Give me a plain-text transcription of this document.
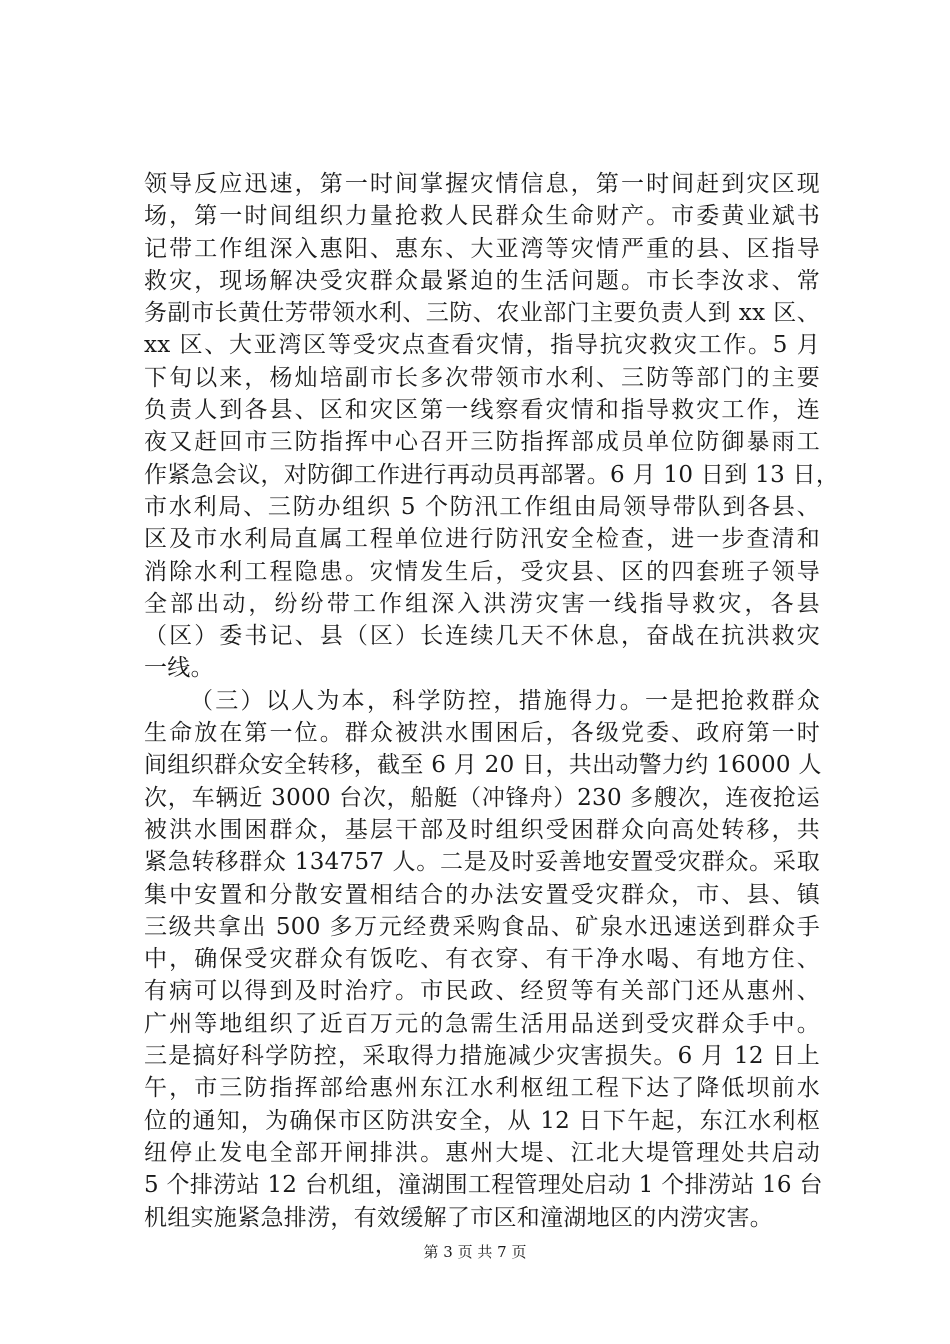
领导反应迅速，第一时间掌握灾情信息，第一时间赶到灾区现
场，第一时间组织力量抢救人民群众生命财产。市委黄业斌书
记带工作组深入惠阳、惠东、大亚湾等灾情严重的县、区指导
救灾，现场解决受灾群众最紧迫的生活问题。市长李汝求、常
务副市长黄仕芳带领水利、三防、农业部门主要负责人到 xx 区、
xx 区、大亚湾区等受灾点查看灾情，指导抗灾救灾工作。5 月
下旬以来，杨灿培副市长多次带领市水利、三防等部门的主要
负责人到各县、区和灾区第一线察看灾情和指导救灾工作，连
夜又赶回市三防指挥中心召开三防指挥部成员单位防御暴雨工
作紧急会议，对防御工作进行再动员再部署。6 月 10 日到 13 日，
市水利局、三防办组织 5 个防汛工作组由局领导带队到各县、
区及市水利局直属工程单位进行防汛安全检查，进一步查清和
消除水利工程隐患。灾情发生后，受灾县、区的四套班子领导
全部出动，纷纷带工作组深入洪涝灾害一线指导救灾，各县
（区）委书记、县（区）长连续几天不休息，奋战在抗洪救灾
一线。
（三）以人为本，科学防控，措施得力。一是把抢救群众
生命放在第一位。群众被洪水围困后，各级党委、政府第一时
间组织群众安全转移，截至 6 月 20 日，共出动警力约 16000 人
次，车辆近 3000 台次，船艇（冲锋舟）230 多艘次，连夜抢运
被洪水围困群众，基层干部及时组织受困群众向高处转移，共
紧急转移群众 134757 人。二是及时妥善地安置受灾群众。采取
集中安置和分散安置相结合的办法安置受灾群众，市、县、镇
三级共拿出 500 多万元经费采购食品、矿泉水迅速送到群众手
中，确保受灾群众有饭吃、有衣穿、有干净水喝、有地方住、
有病可以得到及时治疗。市民政、经贸等有关部门还从惠州、
广州等地组织了近百万元的急需生活用品送到受灾群众手中。
三是搞好科学防控，采取得力措施减少灾害损失。6 月 12 日上
午，市三防指挥部给惠州东江水利枢纽工程下达了降低坝前水
位的通知，为确保市区防洪安全，从 12 日下午起，东江水利枢
纽停止发电全部开闸排洪。惠州大堤、江北大堤管理处共启动
5 个排涝站 12 台机组，潼湖围工程管理处启动 1 个排涝站 16 台
机组实施紧急排涝，有效缓解了市区和潼湖地区的内涝灾害。
第 3 页 共 7 页
